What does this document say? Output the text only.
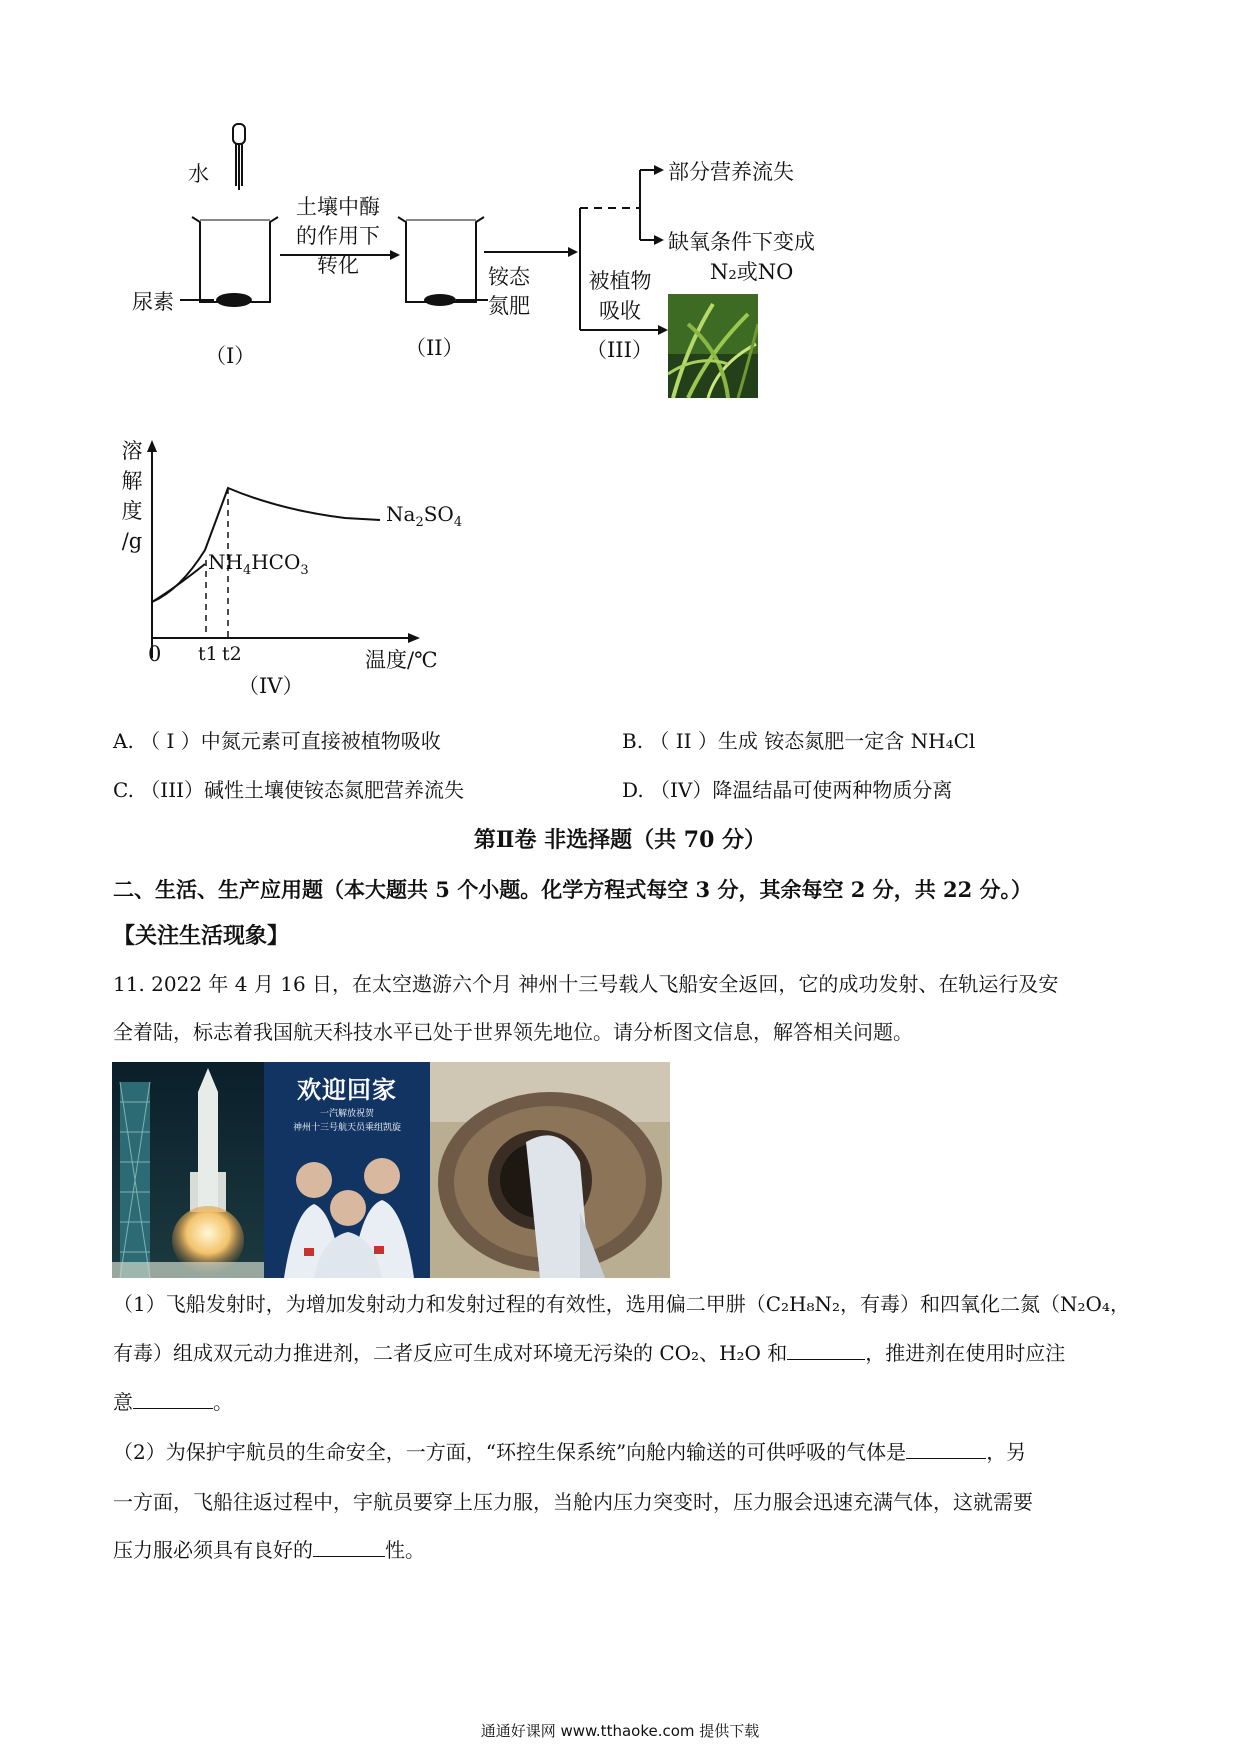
水
尿素
土壤中酶
的作用下
转化	铵态
氮肥
被植物
吸收
部分营养流失
缺氧条件下变成
N₂或NO
（I）	（II）	（III）
溶
解
度
/g
0 t1 t2	温度/℃
$Na_2SO_4$
$NH_4HCO_3$
（IV）
A. （ I ）中氮元素可直接被植物吸收	B. （ II ）生成 铵态氮肥一定含 NH₄Cl
C. （III）碱性土壤使铵态氮肥营养流失	D. （IV）降温结晶可使两种物质分离
第Ⅱ卷 非选择题（共 70 分）
二、生活、生产应用题（本大题共 5 个小题。化学方程式每空 3 分，其余每空 2 分，共 22 分。）
【关注生活现象】
11. 2022 年 4 月 16 日，在太空遨游六个月 神州十三号载人飞船安全返回，它的成功发射、在轨运行及安
全着陆，标志着我国航天科技水平已处于世界领先地位。请分析图文信息，解答相关问题。
欢迎回家
一汽解放祝贺
神州十三号航天员乘组凯旋
（1）飞船发射时，为增加发射动力和发射过程的有效性，选用偏二甲肼（C₂H₈N₂，有毒）和四氧化二氮（N₂O₄，
有毒）组成双元动力推进剂，二者反应可生成对环境无污染的 CO₂、H₂O 和	，推进剂在使用时应注
意	。
（2）为保护宇航员的生命安全，一方面，“环控生保系统”向舱内输送的可供呼吸的气体是	，另
一方面，飞船往返过程中，宇航员要穿上压力服，当舱内压力突变时，压力服会迅速充满气体，这就需要
压力服必须具有良好的	性。
通通好课网 www.tthaoke.com 提供下载
